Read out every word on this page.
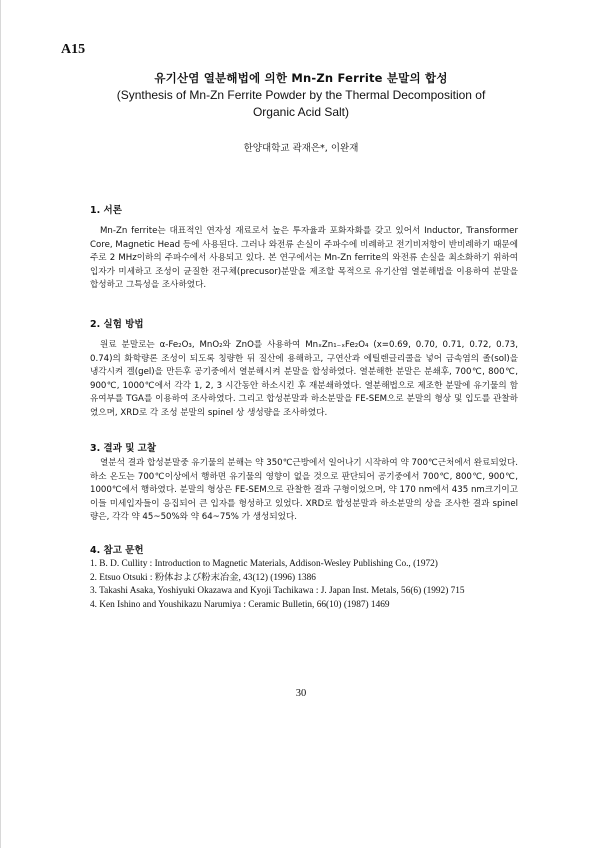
A15
유기산염 열분해법에 의한 Mn-Zn Ferrite 분말의 합성
(Synthesis of Mn-Zn Ferrite Powder by the Thermal Decomposition of
Organic Acid Salt)
한양대학교 곽재은*, 이완재
1. 서론

Mn-Zn ferrite는 대표적인 연자성 재료로서 높은 투자율과 포화자화를 갖고 있어서 Inductor, Transformer Core, Magnetic Head 등에 사용된다. 그러나 와전류 손실이 주파수에 비례하고 전기비저항이 반비례하기 때문에 주로 2 MHz이하의 주파수에서 사용되고 있다. 본 연구에서는 Mn-Zn ferrite의 와전류 손실을 최소화하기 위하여 입자가 미세하고 조성이 균질한 전구체(precusor)분말을 제조할 목적으로 유기산염 열분해법을 이용하여 분말을 합성하고 그특성을 조사하였다.

2. 실험 방법

원료 분말로는 α-Fe₂O₃, MnO₂와 ZnO를 사용하여 MnₓZn₁₋ₓFe₂O₄ (x=0.69, 0.70, 0.71, 0.72, 0.73, 0.74)의 화학량론 조성이 되도록 칭량한 뒤 질산에 용해하고, 구연산과 에틸렌글리콜을 넣어 금속염의 졸(sol)을 냉각시켜 겔(gel)을 만든후 공기중에서 열분해시켜 분말을 합성하였다. 열분해한 분말은 분쇄후, 700℃, 800℃, 900℃, 1000℃에서 각각 1, 2, 3 시간동안 하소시킨 후 재분쇄하였다. 열분해법으로 제조한 분말에 유기물의 함유여부를 TGA를 이용하여 조사하였다. 그리고 합성분말과 하소분말을 FE-SEM으로 분말의 형상 및 입도를 관찰하였으며, XRD로 각 조성 분말의 spinel 상 생성량을 조사하였다.

3. 결과 및 고찰

열분석 결과 합성분말중 유기물의 분해는 약 350℃근방에서 일어나기 시작하여 약 700℃근처에서 완료되었다. 하소 온도는 700℃이상에서 행하면 유기물의 영향이 없을 것으로 판단되어 공기중에서 700℃, 800℃, 900℃, 1000℃에서 행하였다. 분말의 형상은 FE-SEM으로 관찰한 결과 구형이었으며, 약 170 nm에서 435 nm크기이고 이들 미세입자들이 응집되어 큰 입자를 형성하고 있었다. XRD로 합성분말과 하소분말의 상을 조사한 결과 spinel량은, 각각 약 45~50%와 약 64~75% 가 생성되었다.

4. 참고 문헌
1. B. D. Cullity : Introduction to Magnetic Materials, Addison-Wesley Publishing Co., (1972)
2. Etsuo Otsuki : 粉体および粉末冶金, 43(12) (1996) 1386
3. Takashi Asaka, Yoshiyuki Okazawa and Kyoji Tachikawa : J. Japan Inst. Metals, 56(6) (1992) 715
4. Ken Ishino and Youshikazu Narumiya : Ceramic Bulletin, 66(10) (1987) 1469
30
